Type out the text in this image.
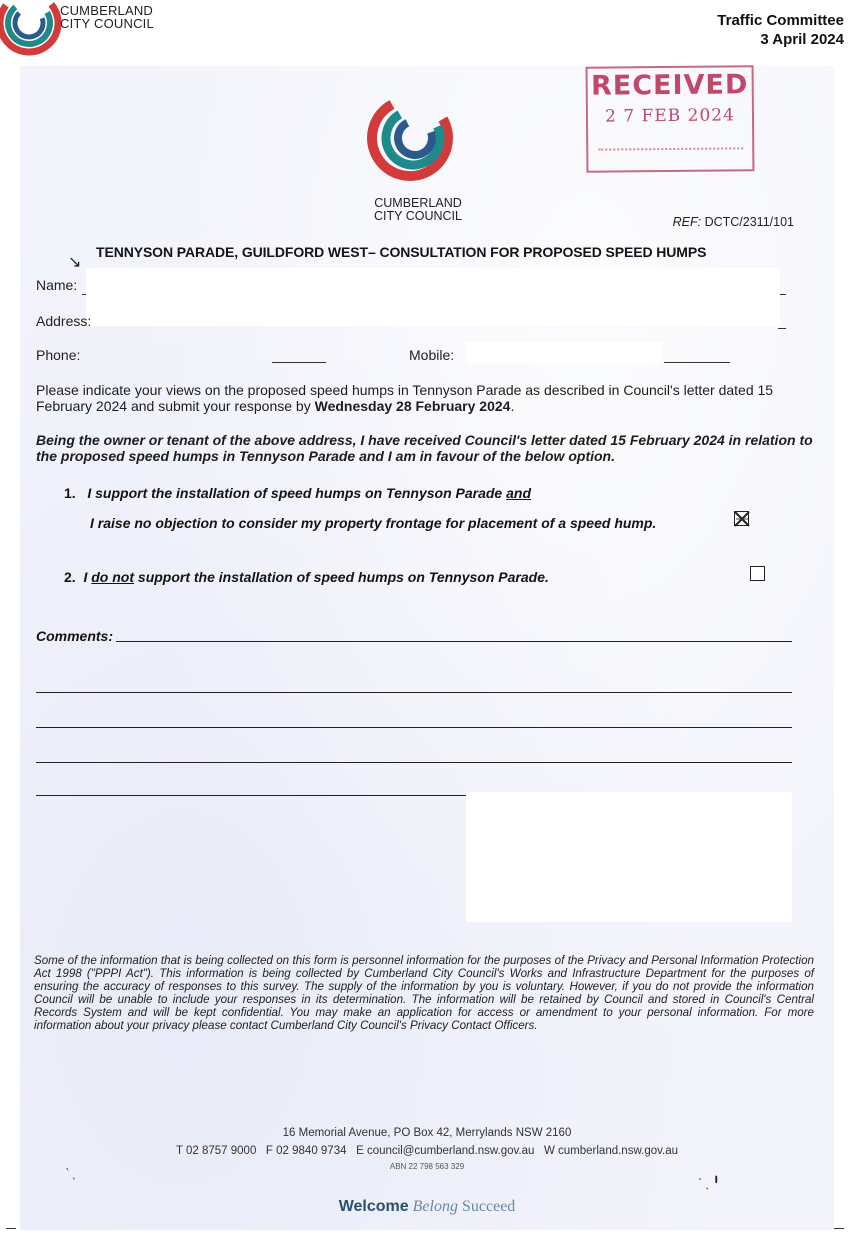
CUMBERLAND
CITY COUNCIL	Traffic Committee
3 April 2024
CUMBERLAND
CITY COUNCIL
RECEIVED
2 7 FEB 2024
REF: DCTC/2311/101
TENNYSON PARADE, GUILDFORD WEST– CONSULTATION FOR PROPOSED SPEED HUMPS
Name:
Address:
Phone:	Mobile:
Please indicate your views on the proposed speed humps in Tennyson Parade as described in Council's letter dated 15 February 2024 and submit your response by Wednesday 28 February 2024.
Being the owner or tenant of the above address, I have received Council's letter dated 15 February 2024 in relation to the proposed speed humps in Tennyson Parade and I am in favour of the below option.
1. I support the installation of speed humps on Tennyson Parade and
I raise no objection to consider my property frontage for placement of a speed hump.
2. I do not support the installation of speed humps on Tennyson Parade.
Comments:
Some of the information that is being collected on this form is personnel information for the purposes of the Privacy and Personal Information Protection Act 1998 ("PPPI Act"). This information is being collected by Cumberland City Council's Works and Infrastructure Department for the purposes of ensuring the accuracy of responses to this survey. The supply of the information by you is voluntary. However, if you do not provide the information Council will be unable to include your responses in its determination. The information will be retained by Council and stored in Council's Central Records System and will be kept confidential. You may make an application for access or amendment to your personal information. For more information about your privacy please contact Cumberland City Council's Privacy Contact Officers.
16 Memorial Avenue, PO Box 42, Merrylands NSW 2160
T 02 8757 9000   F 02 9840 9734   E council@cumberland.nsw.gov.au   W cumberland.nsw.gov.au
ABN 22 798 563 329
Welcome Belong Succeed
‵ ˎ
ˋ ˎ ╹
↘
